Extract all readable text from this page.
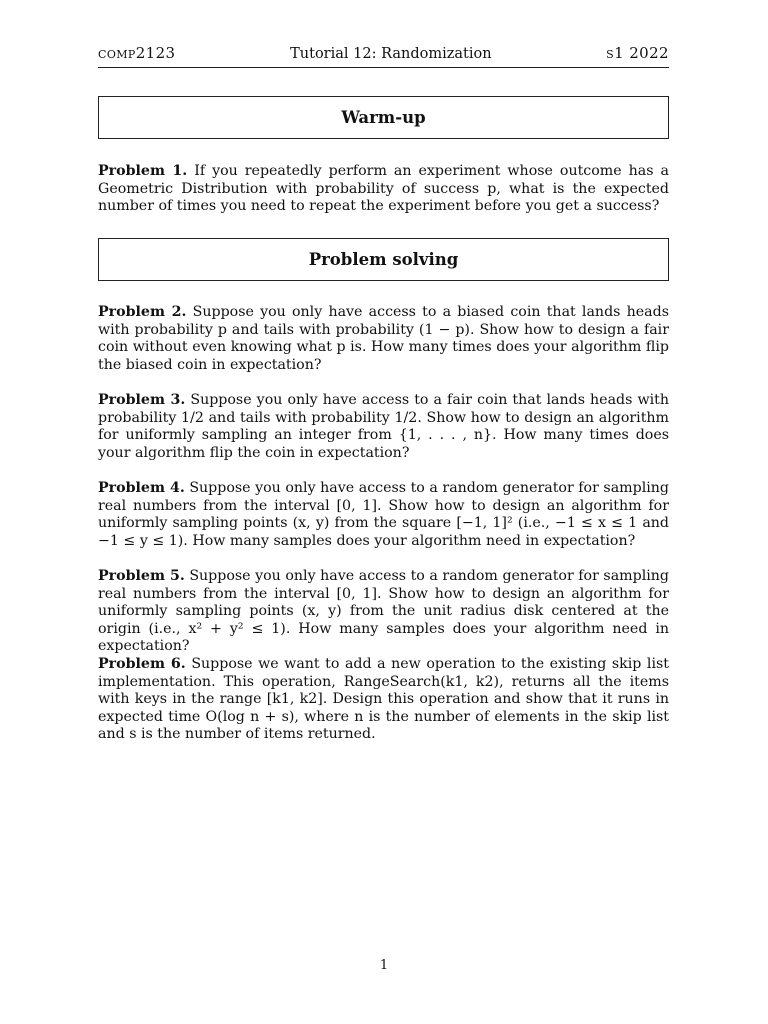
comp2123	Tutorial 12: Randomization	s1 2022
Warm-up
Problem 1. If you repeatedly perform an experiment whose outcome has a Geometric Distribution with probability of success p, what is the expected number of times you need to repeat the experiment before you get a success?
Problem solving
Problem 2. Suppose you only have access to a biased coin that lands heads with probability p and tails with probability (1 − p). Show how to design a fair coin without even knowing what p is. How many times does your algorithm flip the biased coin in expectation?
Problem 3. Suppose you only have access to a fair coin that lands heads with probability 1/2 and tails with probability 1/2. Show how to design an algorithm for uniformly sampling an integer from {1, . . . , n}. How many times does your algorithm flip the coin in expectation?
Problem 4. Suppose you only have access to a random generator for sampling real numbers from the interval [0, 1]. Show how to design an algorithm for uniformly sampling points (x, y) from the square [−1, 1]² (i.e., −1 ≤ x ≤ 1 and −1 ≤ y ≤ 1). How many samples does your algorithm need in expectation?
Problem 5. Suppose you only have access to a random generator for sampling real numbers from the interval [0, 1]. Show how to design an algorithm for uniformly sampling points (x, y) from the unit radius disk centered at the origin (i.e., x² + y² ≤ 1). How many samples does your algorithm need in expectation?
Problem 6. Suppose we want to add a new operation to the existing skip list implementation. This operation, RangeSearch(k1, k2), returns all the items with keys in the range [k1, k2]. Design this operation and show that it runs in expected time O(log n + s), where n is the number of elements in the skip list and s is the number of items returned.
1
